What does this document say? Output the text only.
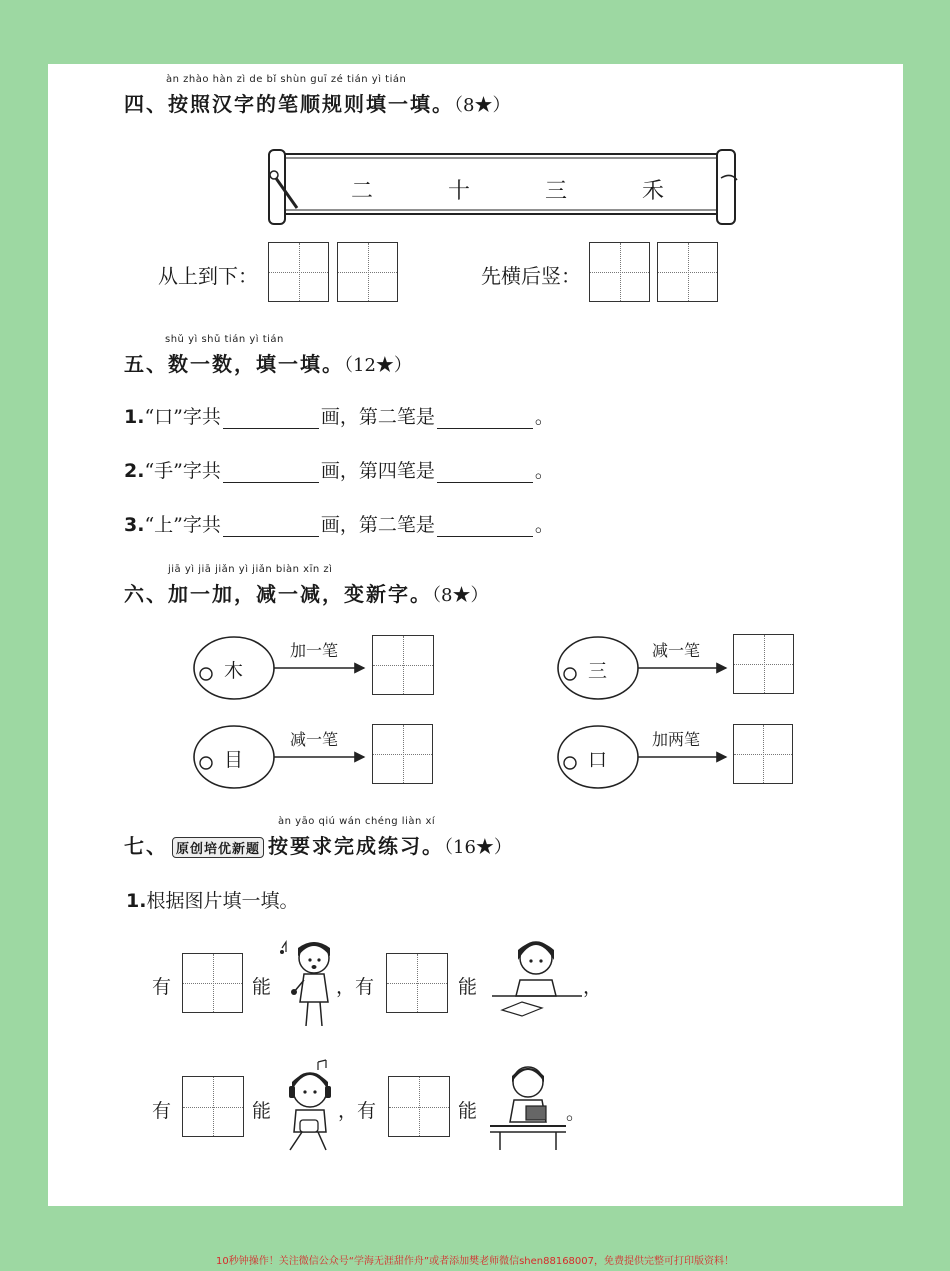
àn zhào hàn zì de bǐ shùn guī zé tián yì tián
四、按照汉字的笔顺规则填一填。（8★）
二	十	三	禾
从上到下：	先横后竖：
shǔ yì shǔ tián yì tián
五、数一数，填一填。（12★）
1.“口”字共	画，第二笔是	。
2.“手”字共	画，第四笔是	。
3.“上”字共	画，第二笔是	。
jiā yì jiā jiǎn yì jiǎn biàn xīn zì
六、加一加，减一减，变新字。（8★）
木
加一笔
三
减一笔
目
减一笔
口
加两笔
àn yāo qiú wán chéng liàn xí
七、 原创培优新题 按要求完成练习。（16★）
1.根据图片填一填。
有	能	，有	能	，
有	能	，有	能	。
10秒钟操作！关注微信公众号“学海无涯甜作舟”或者添加樊老师微信shen88168007，免费提供完整可打印版资料！
